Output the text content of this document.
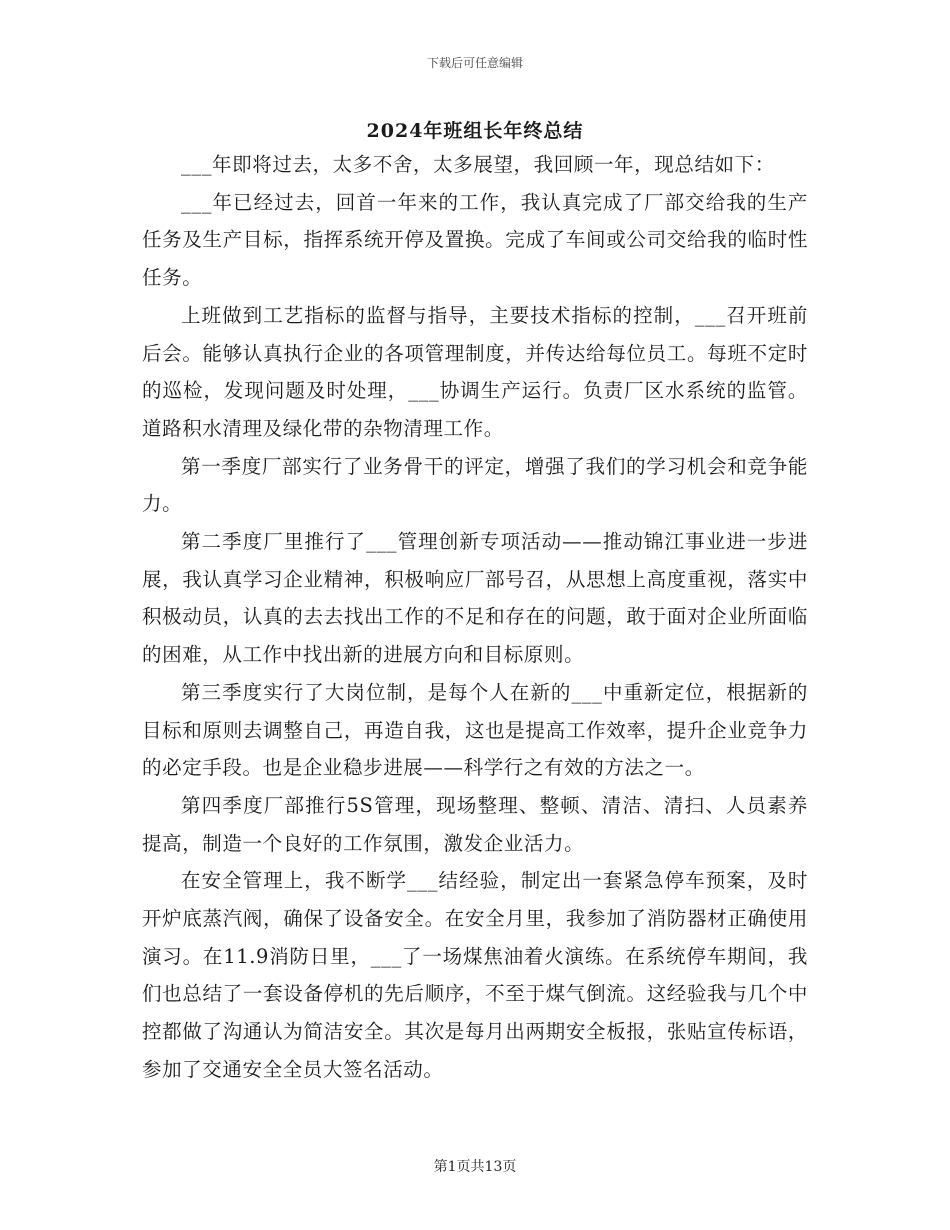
下载后可任意编辑
2024年班组长年终总结

___年即将过去，太多不舍，太多展望，我回顾一年，现总结如下：

___年已经过去，回首一年来的工作，我认真完成了厂部交给我的生产任务及生产目标，指挥系统开停及置换。完成了车间或公司交给我的临时性任务。

上班做到工艺指标的监督与指导，主要技术指标的控制，___召开班前后会。能够认真执行企业的各项管理制度，并传达给每位员工。每班不定时的巡检，发现问题及时处理，___协调生产运行。负责厂区水系统的监管。道路积水清理及绿化带的杂物清理工作。

第一季度厂部实行了业务骨干的评定，增强了我们的学习机会和竞争能力。

第二季度厂里推行了___管理创新专项活动——推动锦江事业进一步进展，我认真学习企业精神，积极响应厂部号召，从思想上高度重视，落实中积极动员，认真的去去找出工作的不足和存在的问题，敢于面对企业所面临的困难，从工作中找出新的进展方向和目标原则。

第三季度实行了大岗位制，是每个人在新的___中重新定位，根据新的目标和原则去调整自己，再造自我，这也是提高工作效率，提升企业竞争力的必定手段。也是企业稳步进展——科学行之有效的方法之一。

第四季度厂部推行5S管理，现场整理、整顿、清洁、清扫、人员素养提高，制造一个良好的工作氛围，激发企业活力。

在安全管理上，我不断学___结经验，制定出一套紧急停车预案，及时开炉底蒸汽阀，确保了设备安全。在安全月里，我参加了消防器材正确使用演习。在11.9消防日里，___了一场煤焦油着火演练。在系统停车期间，我们也总结了一套设备停机的先后顺序，不至于煤气倒流。这经验我与几个中控都做了沟通认为简洁安全。其次是每月出两期安全板报，张贴宣传标语，参加了交通安全全员大签名活动。

第1页共13页
